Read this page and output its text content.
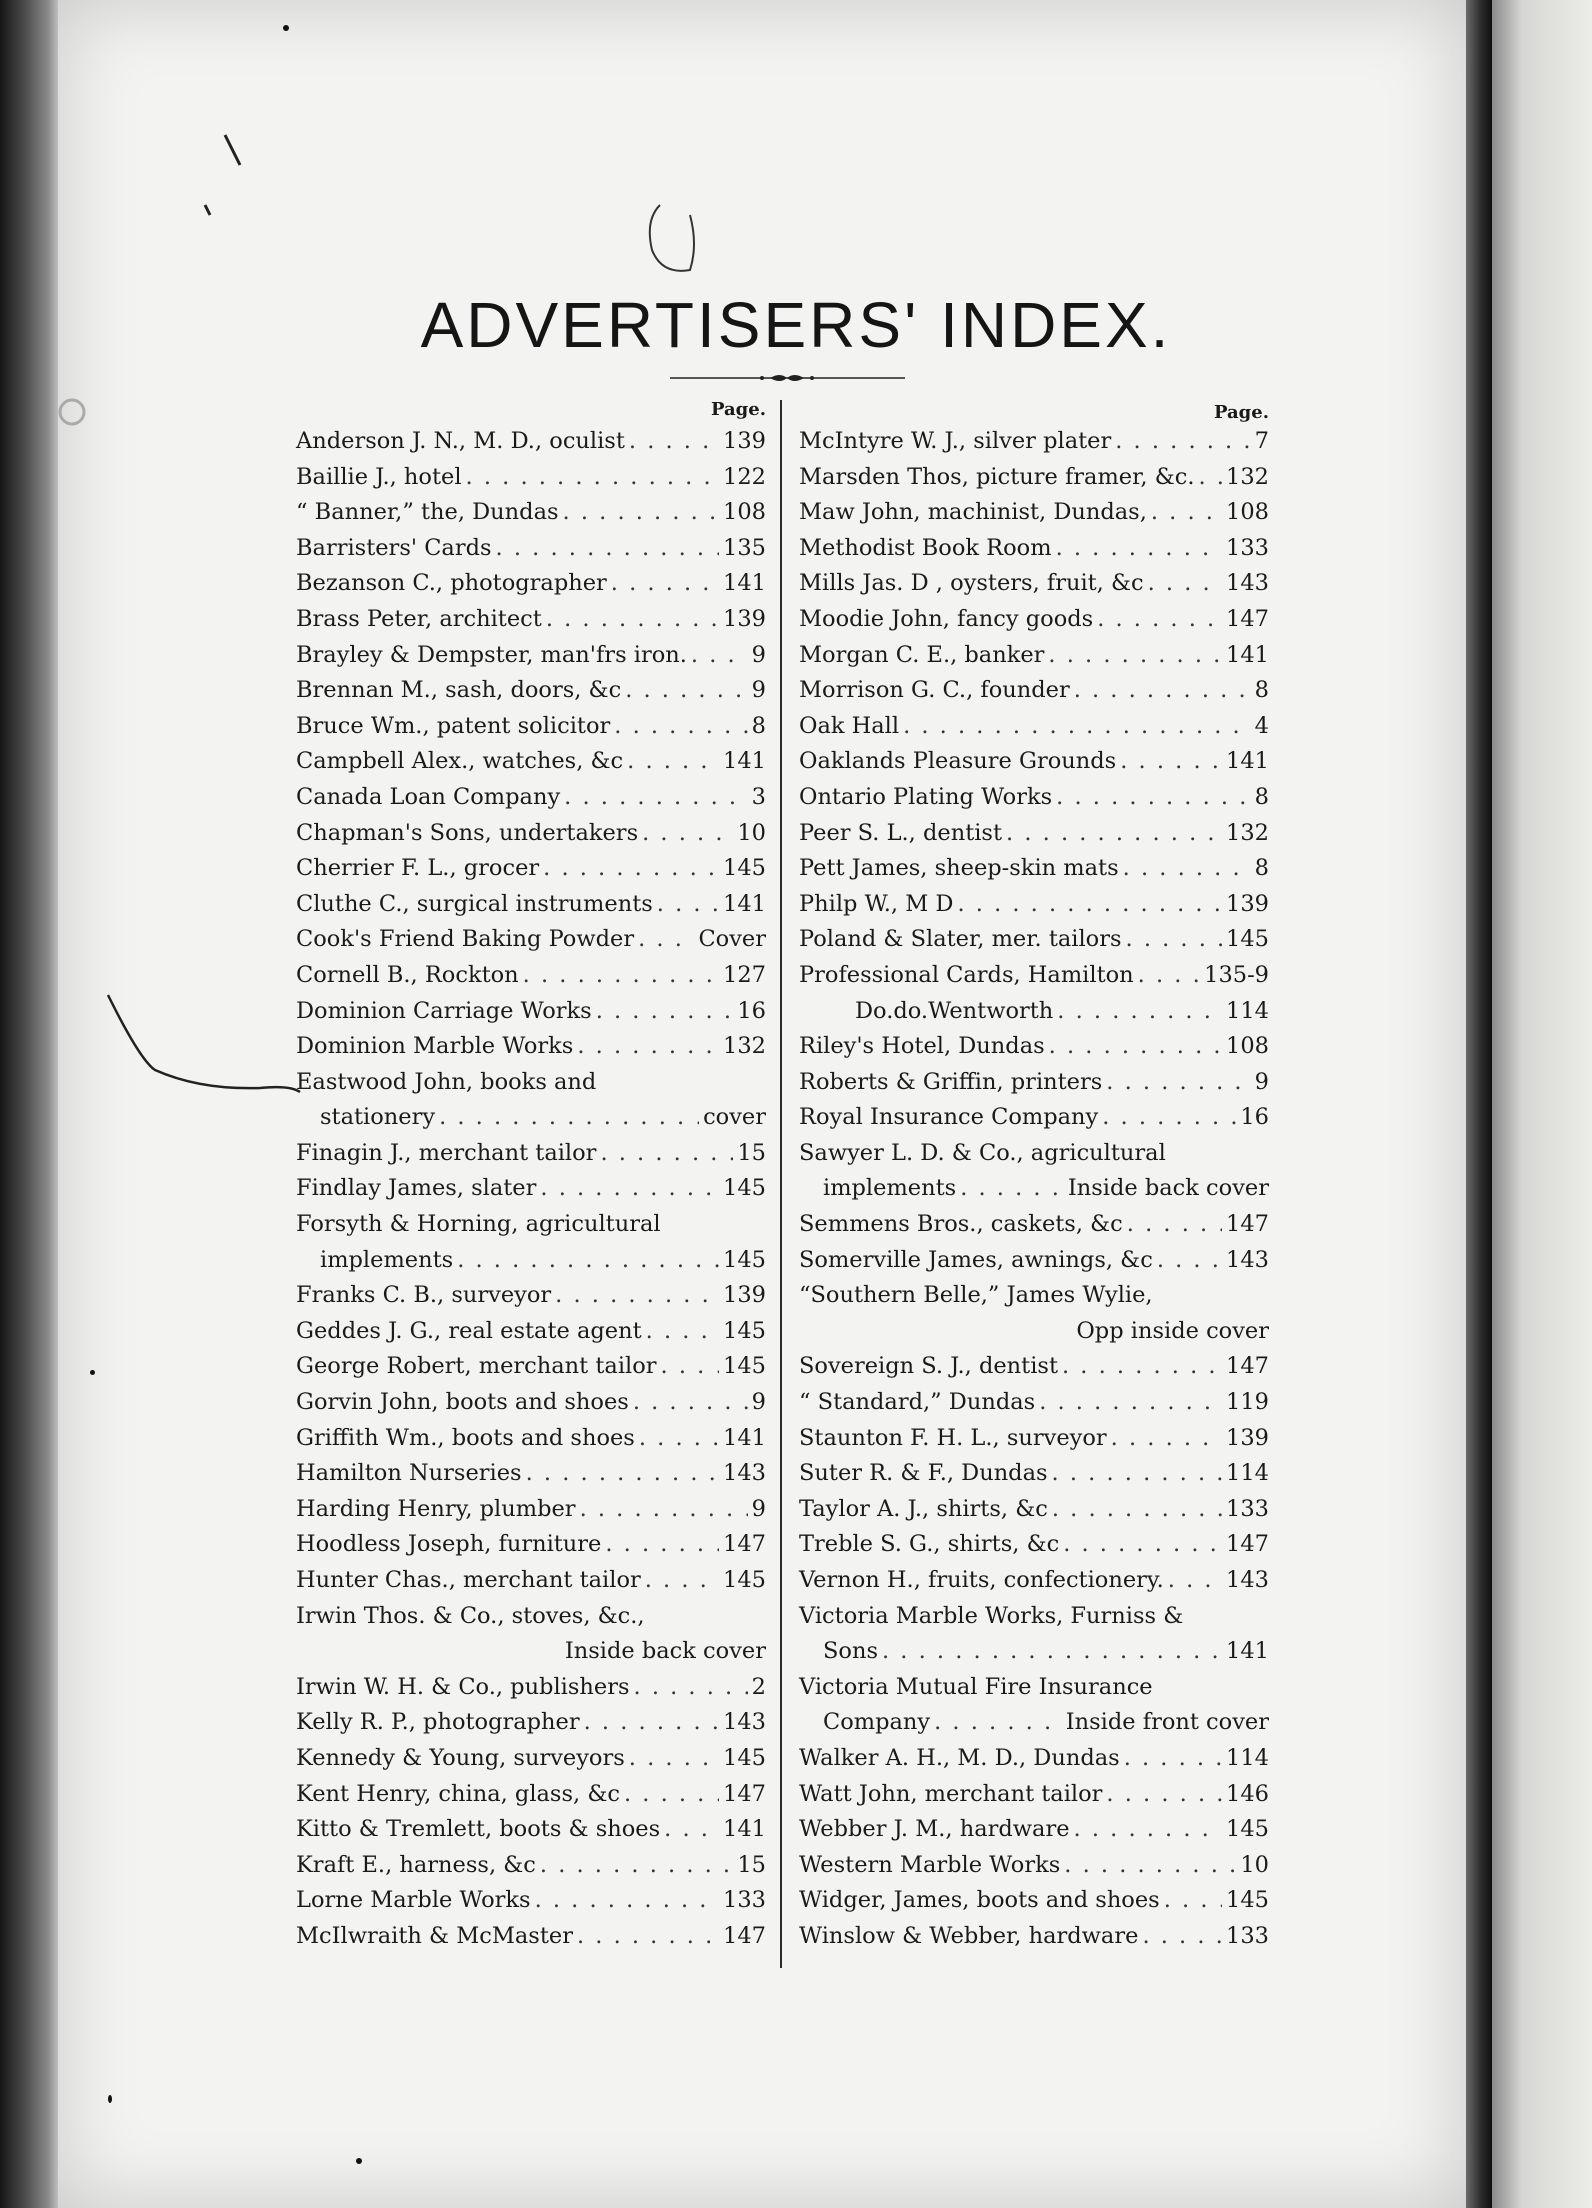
ADVERTISERS' INDEX.
Page.
Anderson J. N., M. D., oculist . . .	139
Baillie J., hotel . . .	122
“ Banner,” the, Dundas . . .	108
Barristers' Cards . . .	135
Bezanson C., photographer . . .	141
Brass Peter, architect . . .	139
Brayley & Dempster, man'frs iron. . . .	9
Brennan M., sash, doors, &c . . .	9
Bruce Wm., patent solicitor . . .	8
Campbell Alex., watches, &c . . .	141
Canada Loan Company . . .	3
Chapman's Sons, undertakers . . .	10
Cherrier F. L., grocer . . .	145
Cluthe C., surgical instruments . . .	141
Cook's Friend Baking Powder . . .	Cover
Cornell B., Rockton . . .	127
Dominion Carriage Works . . .	16
Dominion Marble Works . . .	132
Eastwood John, books and
stationery . . .	cover
Finagin J., merchant tailor . . .	15
Findlay James, slater . . .	145
Forsyth & Horning, agricultural
implements . . .	145
Franks C. B., surveyor . . .	139
Geddes J. G., real estate agent . . .	145
George Robert, merchant tailor . . .	145
Gorvin John, boots and shoes . . .	9
Griffith Wm., boots and shoes . . .	141
Hamilton Nurseries . . .	143
Harding Henry, plumber . . .	9
Hoodless Joseph, furniture . . .	147
Hunter Chas., merchant tailor . . .	145
Irwin Thos. & Co., stoves, &c.,
Inside back cover
Irwin W. H. & Co., publishers . . .	2
Kelly R. P., photographer . . .	143
Kennedy & Young, surveyors . . .	145
Kent Henry, china, glass, &c . . .	147
Kitto & Tremlett, boots & shoes . . .	141
Kraft E., harness, &c . . .	15
Lorne Marble Works . . .	133
McIlwraith & McMaster . . .	147
Page.
McIntyre W. J., silver plater . . .	7
Marsden Thos, picture framer, &c. . . . 132
Maw John, machinist, Dundas, . . .	108
Methodist Book Room . . .	133
Mills Jas. D , oysters, fruit, &c . . .	143
Moodie John, fancy goods . . .	147
Morgan C. E., banker . . .	141
Morrison G. C., founder . . .	8
Oak Hall . . .	4
Oaklands Pleasure Grounds . . .	141
Ontario Plating Works . . .	8
Peer S. L., dentist . . .	132
Pett James, sheep-skin mats . . .	8
Philp W., M D . . .	139
Poland & Slater, mer. tailors . . .	145
Professional Cards, Hamilton . . .	135-9
Do. do. Wentworth . . .	114
Riley's Hotel, Dundas . . .	108
Roberts & Griffin, printers . . .	9
Royal Insurance Company . . .	16
Sawyer L. D. & Co., agricultural
implements . . .	Inside back cover
Semmens Bros., caskets, &c . . .	147
Somerville James, awnings, &c . . .	143
“Southern Belle,” James Wylie,
Opp inside cover
Sovereign S. J., dentist . . .	147
“ Standard,” Dundas . . .	119
Staunton F. H. L., surveyor . . .	139
Suter R. & F., Dundas . . .	114
Taylor A. J., shirts, &c . . .	133
Treble S. G., shirts, &c . . .	147
Vernon H., fruits, confectionery. . . .	143
Victoria Marble Works, Furniss &
Sons . . .	141
Victoria Mutual Fire Insurance
Company . . .	Inside front cover
Walker A. H., M. D., Dundas . . .	114
Watt John, merchant tailor . . .	146
Webber J. M., hardware . . .	145
Western Marble Works . . .	10
Widger, James, boots and shoes . . .	145
Winslow & Webber, hardware . . .	133
